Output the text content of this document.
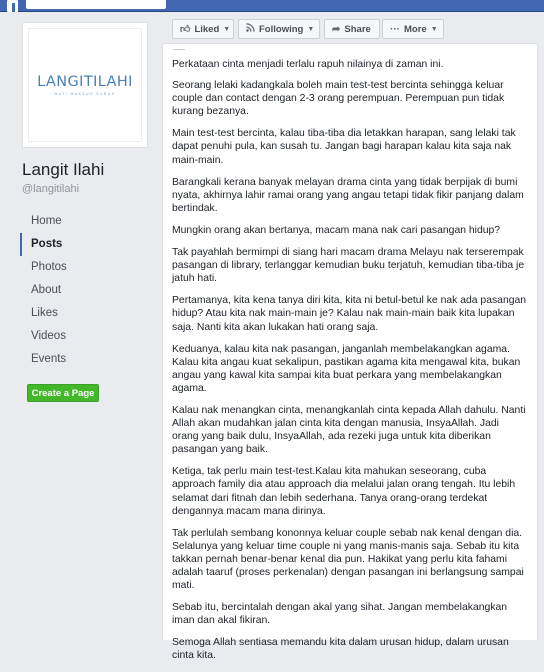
LANGITILAHI
MATI MAKSUD SURAH
Langit Ilahi
@langitilahi
Home
Posts
Photos
About
Likes
Videos
Events
Create a Page
👍︎ Liked ▼	Following ▼ ➦ Share ··· More ▼

Perkataan cinta menjadi terlalu rapuh nilainya di zaman ini.

Seorang lelaki kadangkala boleh main test-test bercinta sehingga keluar couple dan contact dengan 2-3 orang perempuan. Perempuan pun tidak kurang bezanya.

Main test-test bercinta, kalau tiba-tiba dia letakkan harapan, sang lelaki tak dapat penuhi pula, kan susah tu. Jangan bagi harapan kalau kita saja nak main-main.

Barangkali kerana banyak melayan drama cinta yang tidak berpijak di bumi nyata, akhirnya lahir ramai orang yang angau tetapi tidak fikir panjang dalam bertindak.

Mungkin orang akan bertanya, macam mana nak cari pasangan hidup?

Tak payahlah bermimpi di siang hari macam drama Melayu nak terserempak pasangan di library, terlanggar kemudian buku terjatuh, kemudian tiba-tiba je jatuh hati.

Pertamanya, kita kena tanya diri kita, kita ni betul-betul ke nak ada pasangan hidup? Atau kita nak main-main je? Kalau nak main-main baik kita lupakan saja. Nanti kita akan lukakan hati orang saja.

Keduanya, kalau kita nak pasangan, janganlah membelakangkan agama. Kalau kita angau kuat sekalipun, pastikan agama kita mengawal kita, bukan angau yang kawal kita sampai kita buat perkara yang membelakangkan agama.

Kalau nak menangkan cinta, menangkanlah cinta kepada Allah dahulu. Nanti Allah akan mudahkan jalan cinta kita dengan manusia, InsyaAllah. Jadi orang yang baik dulu, InsyaAllah, ada rezeki juga untuk kita diberikan pasangan yang baik.

Ketiga, tak perlu main test-test.Kalau kita mahukan seseorang, cuba approach family dia atau approach dia melalui jalan orang tengah. Itu lebih selamat dari fitnah dan lebih sederhana. Tanya orang-orang terdekat dengannya macam mana dirinya.

Tak perlulah sembang kononnya keluar couple sebab nak kenal dengan dia. Selalunya yang keluar time couple ni yang manis-manis saja. Sebab itu kita takkan pernah benar-benar kenal dia pun. Hakikat yang perlu kita fahami adalah taaruf (proses perkenalan) dengan pasangan ini berlangsung sampai mati.

Sebab itu, bercintalah dengan akal yang sihat. Jangan membelakangkan iman dan akal fikiran.

Semoga Allah sentiasa memandu kita dalam urusan hidup, dalam urusan cinta kita.
